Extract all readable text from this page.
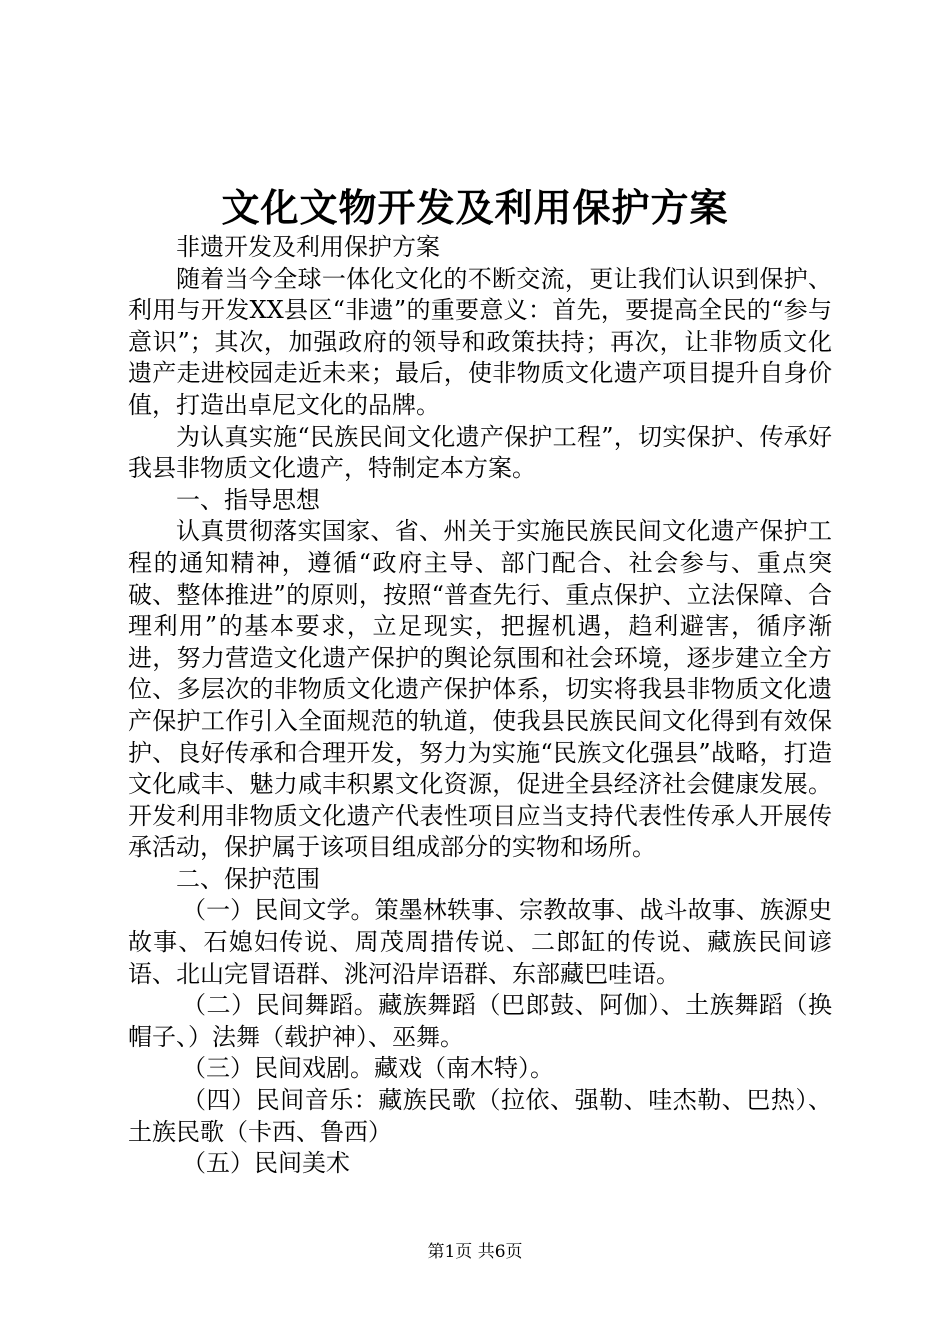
文化文物开发及利用保护方案

非遗开发及利用保护方案

随着当今全球一体化文化的不断交流，更让我们认识到保护、利用与开发XX县区“非遗”的重要意义：首先，要提高全民的“参与意识”；其次，加强政府的领导和政策扶持；再次，让非物质文化遗产走进校园走近未来；最后，使非物质文化遗产项目提升自身价值，打造出卓尼文化的品牌。

为认真实施“民族民间文化遗产保护工程”，切实保护、传承好我县非物质文化遗产，特制定本方案。

一、指导思想

认真贯彻落实国家、省、州关于实施民族民间文化遗产保护工程的通知精神，遵循“政府主导、部门配合、社会参与、重点突破、整体推进”的原则，按照“普查先行、重点保护、立法保障、合理利用”的基本要求，立足现实，把握机遇，趋利避害，循序渐进，努力营造文化遗产保护的舆论氛围和社会环境，逐步建立全方位、多层次的非物质文化遗产保护体系，切实将我县非物质文化遗产保护工作引入全面规范的轨道，使我县民族民间文化得到有效保护、良好传承和合理开发，努力为实施“民族文化强县”战略，打造文化咸丰、魅力咸丰积累文化资源，促进全县经济社会健康发展。开发利用非物质文化遗产代表性项目应当支持代表性传承人开展传承活动，保护属于该项目组成部分的实物和场所。

二、保护范围

（一）民间文学。策墨林轶事、宗教故事、战斗故事、族源史故事、石媳妇传说、周茂周措传说、二郎缸的传说、藏族民间谚语、北山完冒语群、洮河沿岸语群、东部藏巴哇语。

（二）民间舞蹈。藏族舞蹈（巴郎鼓、阿伽）、土族舞蹈（换帽子、）法舞（载护神）、巫舞。

（三）民间戏剧。藏戏（南木特）。

（四）民间音乐：藏族民歌（拉依、强勒、哇杰勒、巴热）、土族民歌（卡西、鲁西）

（五）民间美术

第1页 共6页
